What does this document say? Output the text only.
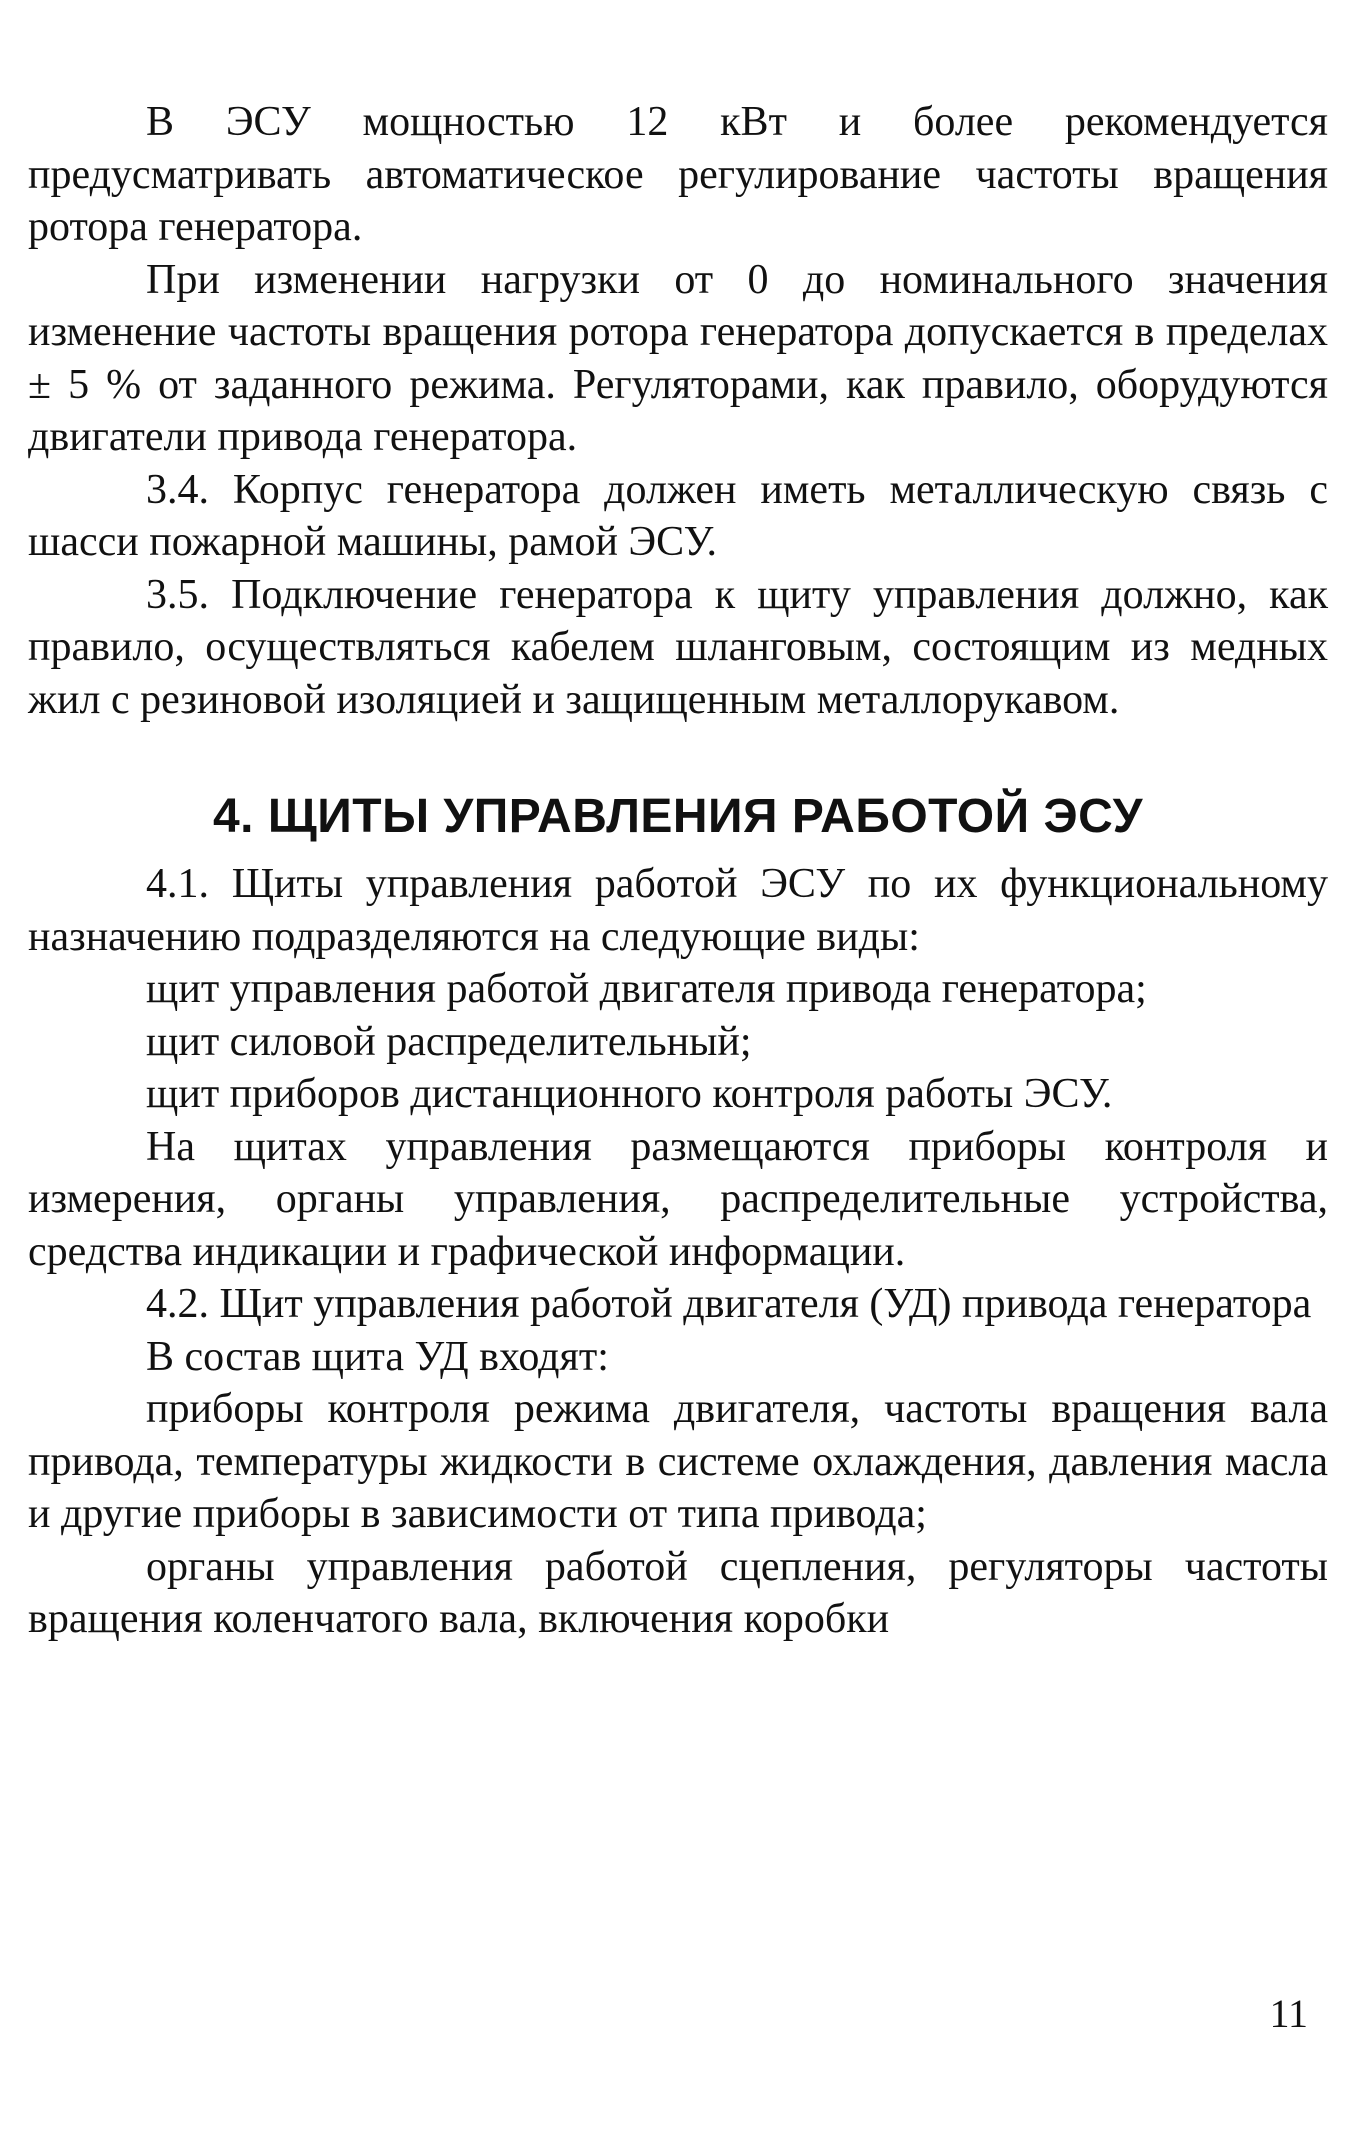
В ЭСУ мощностью 12 кВт и более рекомендуется предусматривать автоматическое регулирование частоты вращения ротора генератора.

При изменении нагрузки от 0 до номинального значения изменение частоты вращения ротора генератора допускается в пределах ± 5 % от заданного режима. Регуляторами, как правило, оборудуются двигатели привода генератора.

3.4. Корпус генератора должен иметь металлическую связь с шасси пожарной машины, рамой ЭСУ.

3.5. Подключение генератора к щиту управления должно, как правило, осуществляться кабелем шланговым, состоящим из медных жил с резиновой изоляцией и защищенным металлорукавом.

4. ЩИТЫ УПРАВЛЕНИЯ РАБОТОЙ ЭСУ

4.1. Щиты управления работой ЭСУ по их функциональному назначению подразделяются на следующие виды:

щит управления работой двигателя привода генератора;

щит силовой распределительный;

щит приборов дистанционного контроля работы ЭСУ.

На щитах управления размещаются приборы контроля и измерения, органы управления, распределительные устройства, средства индикации и графической информации.

4.2. Щит управления работой двигателя (УД) привода генератора

В состав щита УД входят:

приборы контроля режима двигателя, частоты вращения вала привода, температуры жидкости в системе охлаждения, давления масла и другие приборы в зависимости от типа привода;

органы управления работой сцепления, регуляторы частоты вращения коленчатого вала, включения коробки

11
